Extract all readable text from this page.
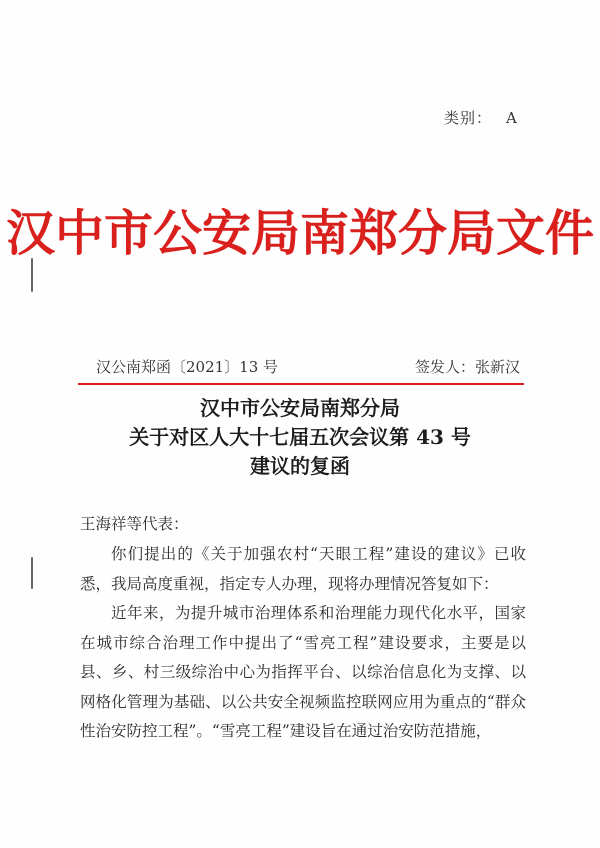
类别： A
汉中市公安局南郑分局文件
汉公南郑函〔2021〕13 号	签发人：张新汉
汉中市公安局南郑分局
关于对区人大十七届五次会议第 43 号
建议的复函
王海祥等代表：

你们提出的《关于加强农村“天眼工程”建设的建议》已收悉，我局高度重视，指定专人办理，现将办理情况答复如下：

近年来，为提升城市治理体系和治理能力现代化水平，国家在城市综合治理工作中提出了“雪亮工程”建设要求，主要是以县、乡、村三级综治中心为指挥平台、以综治信息化为支撑、以网格化管理为基础、以公共安全视频监控联网应用为重点的“群众性治安防控工程”。“雪亮工程”建设旨在通过治安防范措施，
